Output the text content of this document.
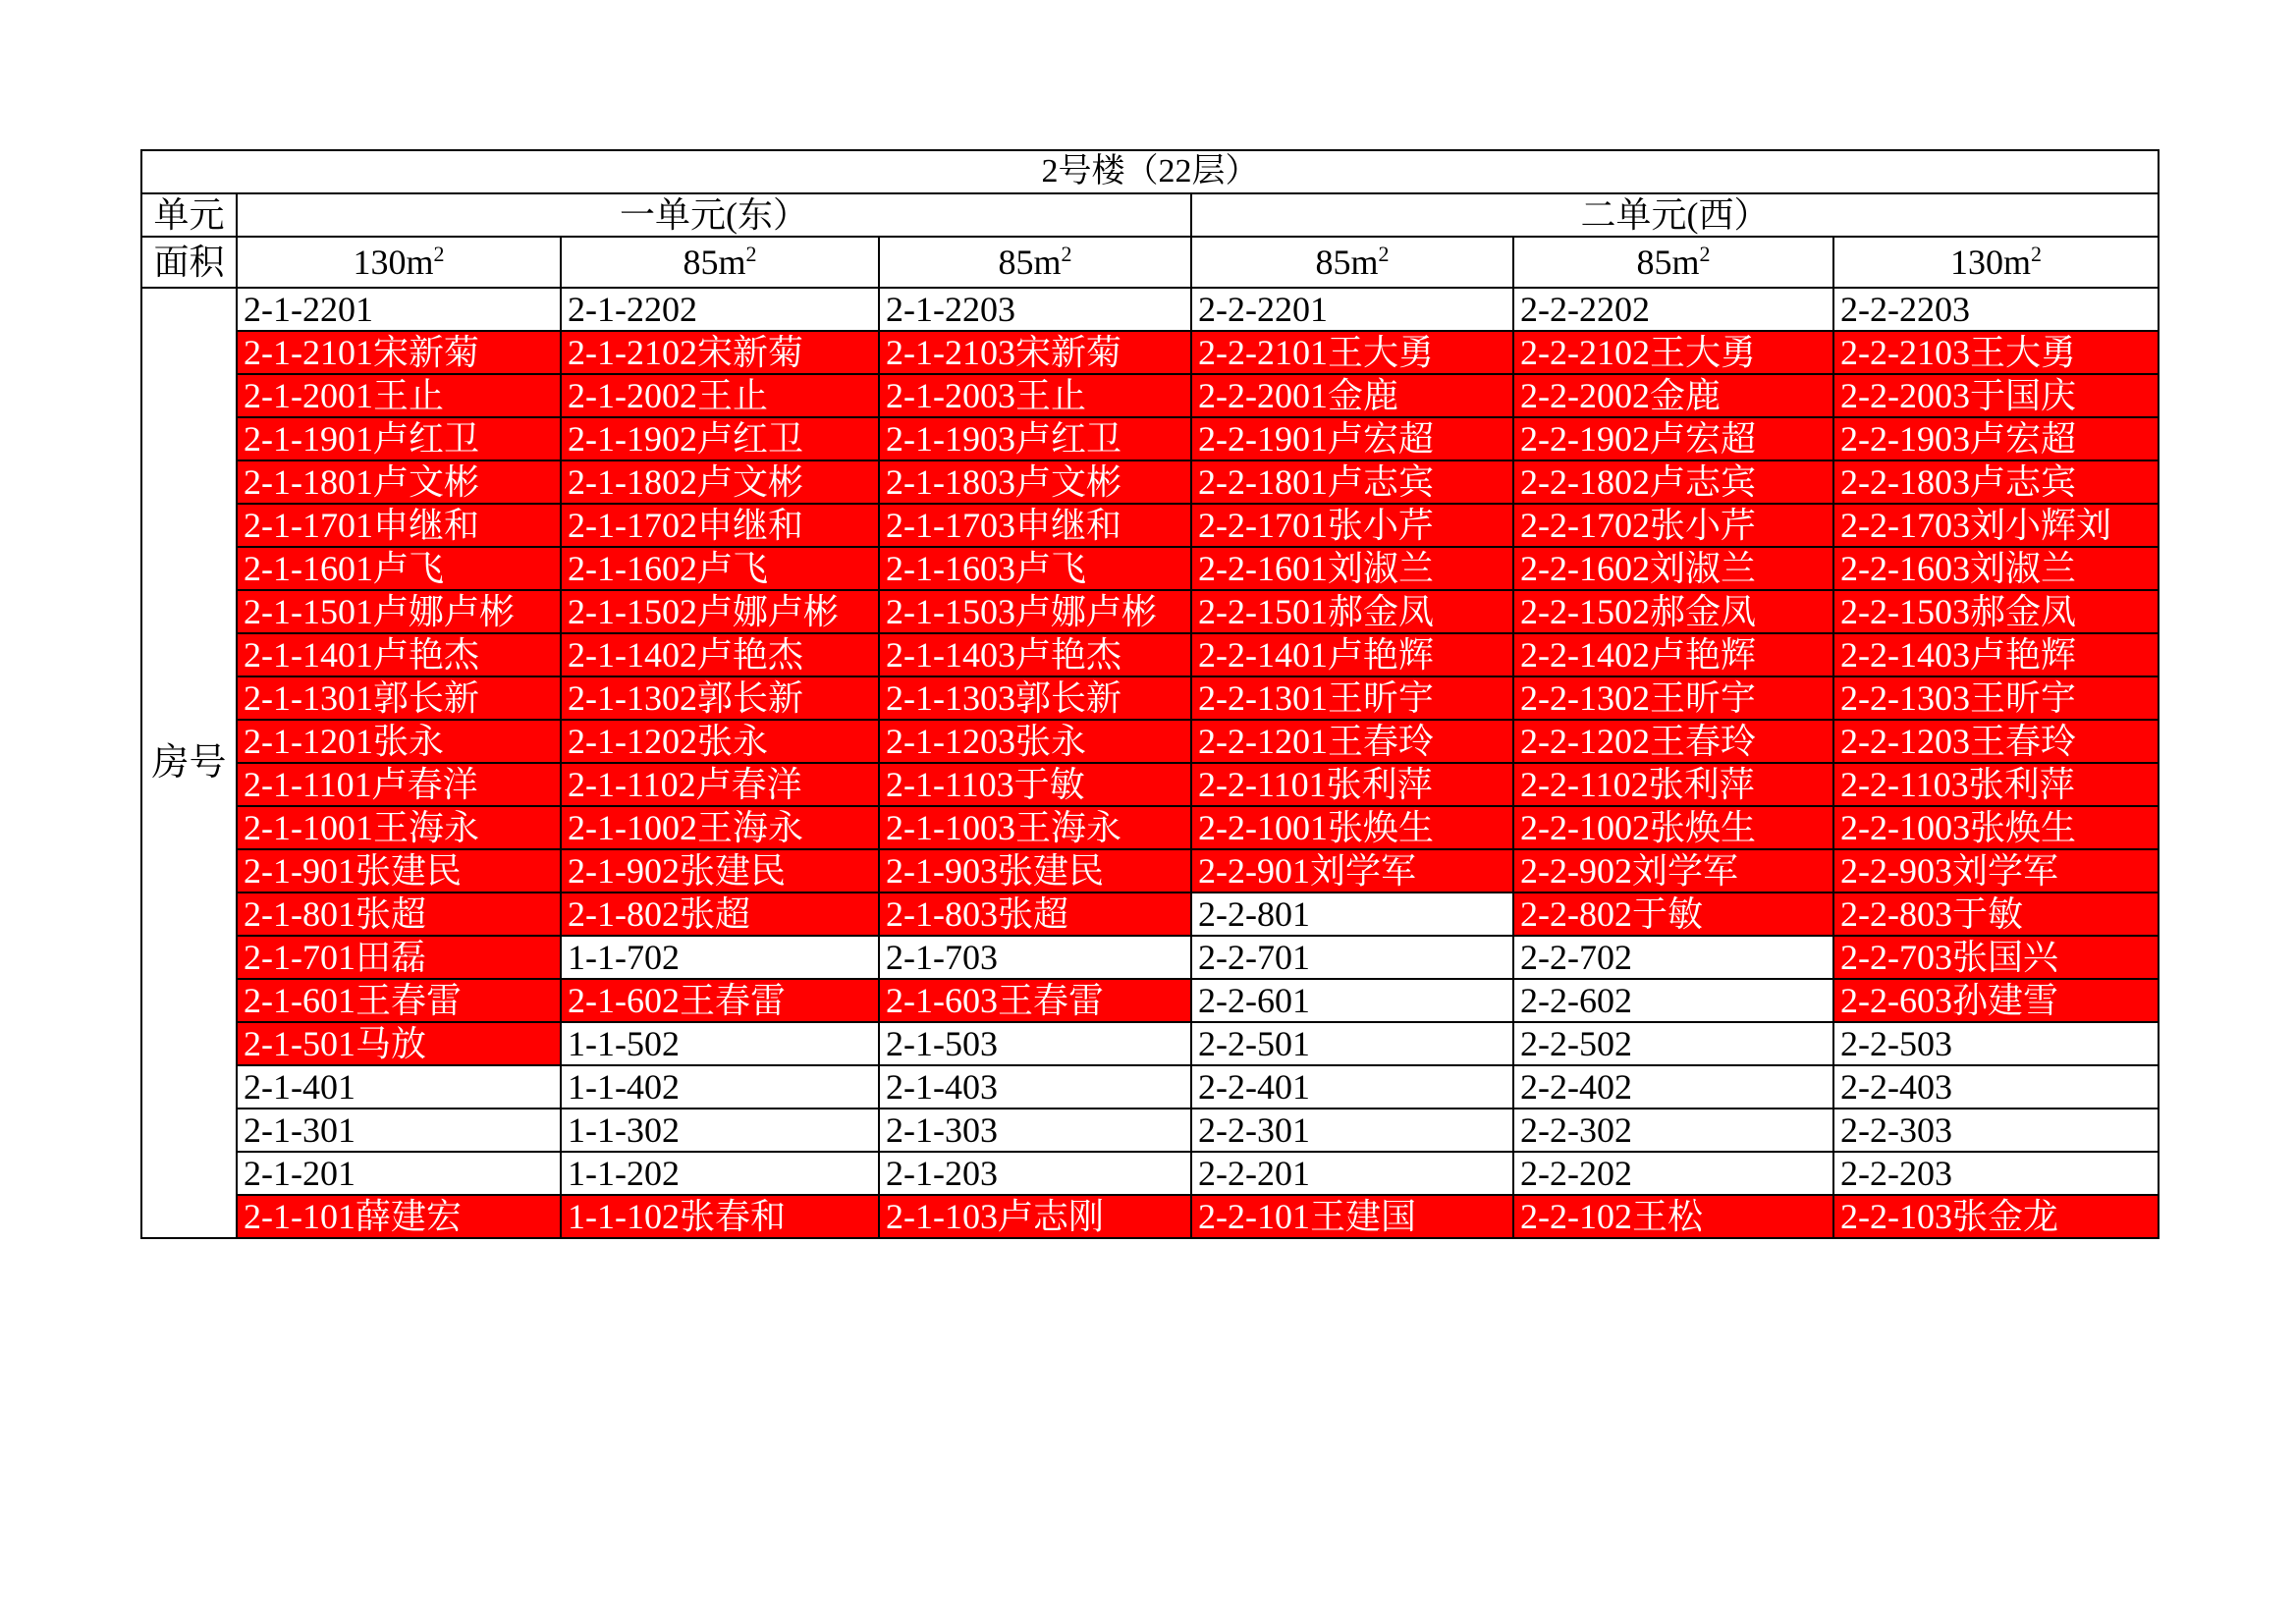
2号楼（22层）						
单元	一单元(东）			二单元(西）		
面积	$130m^2$	$85m^2$	$85m^2$	$85m^2$	$85m^2$	$130m^2$
房号	2-1-2201	2-1-2202	2-1-2203	2-2-2201	2-2-2202	2-2-2203
	2-1-2101宋新菊	2-1-2102宋新菊	2-1-2103宋新菊	2-2-2101王大勇	2-2-2102王大勇	2-2-2103王大勇
	2-1-2001王止	2-1-2002王止	2-1-2003王止	2-2-2001金鹿	2-2-2002金鹿	2-2-2003于国庆
	2-1-1901卢红卫	2-1-1902卢红卫	2-1-1903卢红卫	2-2-1901卢宏超	2-2-1902卢宏超	2-2-1903卢宏超
	2-1-1801卢文彬	2-1-1802卢文彬	2-1-1803卢文彬	2-2-1801卢志宾	2-2-1802卢志宾	2-2-1803卢志宾
	2-1-1701申继和	2-1-1702申继和	2-1-1703申继和	2-2-1701张小芹	2-2-1702张小芹	2-2-1703刘小辉刘
	2-1-1601卢飞	2-1-1602卢飞	2-1-1603卢飞	2-2-1601刘淑兰	2-2-1602刘淑兰	2-2-1603刘淑兰
	2-1-1501卢娜卢彬	2-1-1502卢娜卢彬	2-1-1503卢娜卢彬	2-2-1501郝金凤	2-2-1502郝金凤	2-2-1503郝金凤
	2-1-1401卢艳杰	2-1-1402卢艳杰	2-1-1403卢艳杰	2-2-1401卢艳辉	2-2-1402卢艳辉	2-2-1403卢艳辉
	2-1-1301郭长新	2-1-1302郭长新	2-1-1303郭长新	2-2-1301王昕宇	2-2-1302王昕宇	2-2-1303王昕宇
	2-1-1201张永	2-1-1202张永	2-1-1203张永	2-2-1201王春玲	2-2-1202王春玲	2-2-1203王春玲
	2-1-1101卢春洋	2-1-1102卢春洋	2-1-1103于敏	2-2-1101张利萍	2-2-1102张利萍	2-2-1103张利萍
	2-1-1001王海永	2-1-1002王海永	2-1-1003王海永	2-2-1001张焕生	2-2-1002张焕生	2-2-1003张焕生
	2-1-901张建民	2-1-902张建民	2-1-903张建民	2-2-901刘学军	2-2-902刘学军	2-2-903刘学军
	2-1-801张超	2-1-802张超	2-1-803张超	2-2-801	2-2-802于敏	2-2-803于敏
	2-1-701田磊	1-1-702	2-1-703	2-2-701	2-2-702	2-2-703张国兴
	2-1-601王春雷	2-1-602王春雷	2-1-603王春雷	2-2-601	2-2-602	2-2-603孙建雪
	2-1-501马放	1-1-502	2-1-503	2-2-501	2-2-502	2-2-503
	2-1-401	1-1-402	2-1-403	2-2-401	2-2-402	2-2-403
	2-1-301	1-1-302	2-1-303	2-2-301	2-2-302	2-2-303
	2-1-201	1-1-202	2-1-203	2-2-201	2-2-202	2-2-203
	2-1-101薛建宏	1-1-102张春和	2-1-103卢志刚	2-2-101王建国	2-2-102王松	2-2-103张金龙
